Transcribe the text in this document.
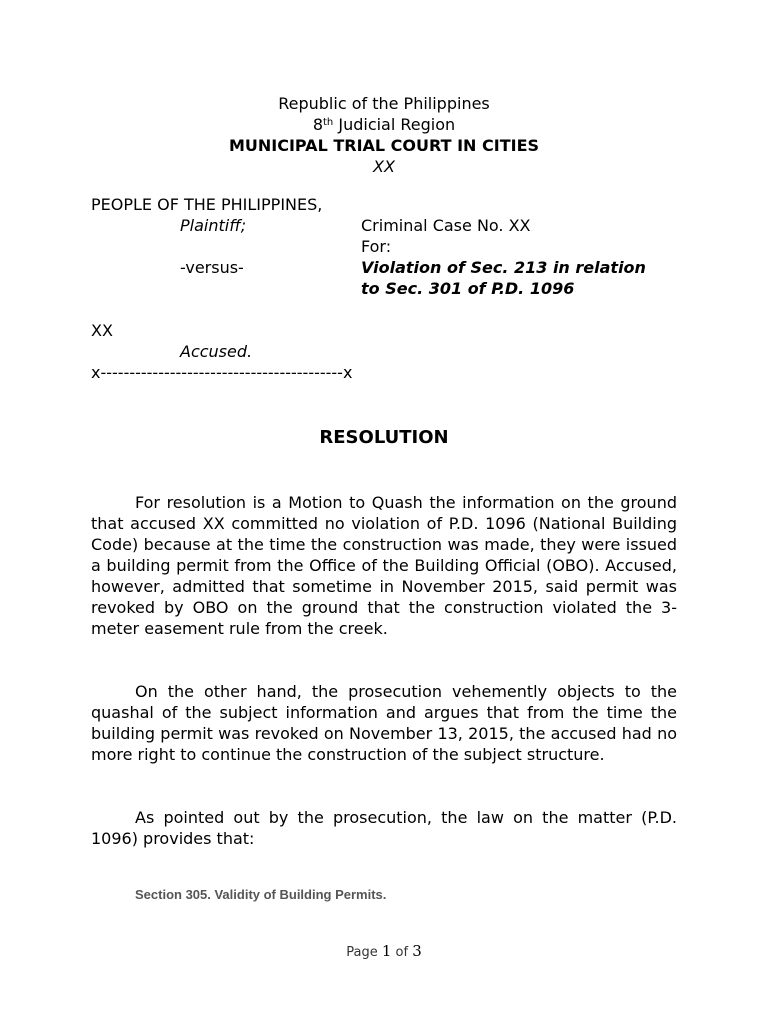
Republic of the Philippines
8th Judicial Region
MUNICIPAL TRIAL COURT IN CITIES
XX
PEOPLE OF THE PHILIPPINES,
Plaintiff;	Criminal Case No. XX
For:
-versus-	Violation of Sec. 213 in relation
to Sec. 301 of P.D. 1096
XX
Accused.
x------------------------------------------x
RESOLUTION

For resolution is a Motion to Quash the information on the ground that accused XX committed no violation of P.D. 1096 (National Building Code) because at the time the construction was made, they were issued a building permit from the Office of the Building Official (OBO). Accused, however, admitted that sometime in November 2015, said permit was revoked by OBO on the ground that the construction violated the 3-meter easement rule from the creek.

On the other hand, the prosecution vehemently objects to the quashal of the subject information and argues that from the time the building permit was revoked on November 13, 2015, the accused had no more right to continue the construction of the subject structure.

As pointed out by the prosecution, the law on the matter (P.D. 1096) provides that:

Section 305. Validity of Building Permits.
Page 1 of 3
